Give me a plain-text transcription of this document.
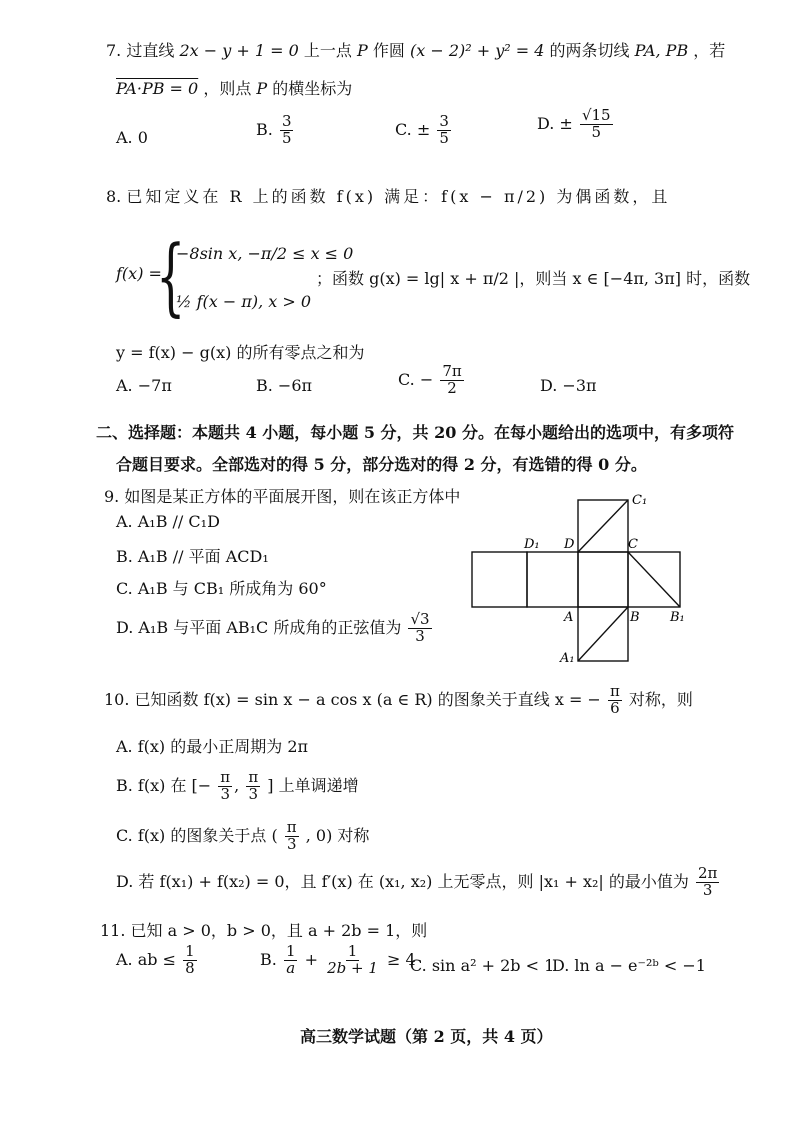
7. 过直线 2x − y + 1 = 0 上一点 P 作圆 (x − 2)² + y² = 4 的两条切线 PA, PB ，若
PA·PB = 0 ，则点 P 的横坐标为
A. 0	B. $\frac{3}{5}$	C. ± $\frac{3}{5}$	D. ± $\frac{√15}{5}$
8. 已知定义在 R 上的函数 f(x) 满足：f(x − π/2) 为偶函数，且
f(x) =
{
−8sin x, −π/2 ≤ x ≤ 0
½ f(x − π), x > 0
；函数 g(x) = lg| x + π/2 |，则当 x ∈ [−4π, 3π] 时，函数
y = f(x) − g(x) 的所有零点之和为
A. −7π	B. −6π	C. − $\frac{7\pi}{2}$	D. −3π
二、选择题：本题共 4 小题，每小题 5 分，共 20 分。在每小题给出的选项中，有多项符
合题目要求。全部选对的得 5 分，部分选对的得 2 分，有选错的得 0 分。
9. 如图是某正方体的平面展开图，则在该正方体中
A. A₁B // C₁D
B. A₁B // 平面 ACD₁
C. A₁B 与 CB₁ 所成角为 60°
D. A₁B 与平面 AB₁C 所成角的正弦值为 $\frac{√3}{3}$
C₁
D₁ D	C
A	B B₁
A₁
10. 已知函数 f(x) = sin x − a cos x (a ∈ R) 的图象关于直线 x = − $\frac{\pi}{6}$ 对称，则
A. f(x) 的最小正周期为 2π
B. f(x) 在 [− $\frac{\pi}{3}$ , $\frac{\pi}{3}$ ] 上单调递增
C. f(x) 的图象关于点 ( $\frac{\pi}{3}$ , 0) 对称
D. 若 f(x₁) + f(x₂) = 0，且 f′(x) 在 (x₁, x₂) 上无零点，则 |x₁ + x₂| 的最小值为 $\frac{2\pi}{3}$
11. 已知 a > 0，b > 0，且 a + 2b = 1，则
A. ab ≤ $\frac{1}{8}$	B. $\frac{1}{a} + \frac{1}{2b + 1} \ge 4$
C. sin a² + 2b < 1
D. ln a − e⁻²ᵇ < −1
高三数学试题（第 2 页，共 4 页）
